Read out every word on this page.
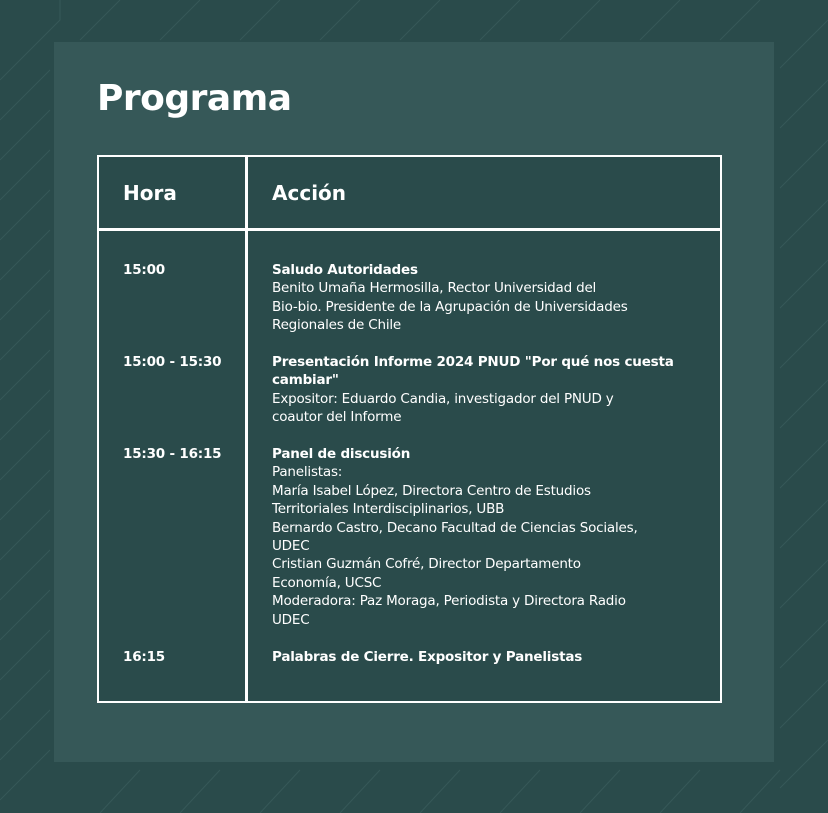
Programa
Hora	Acción
15:00	Saludo Autoridades
Benito Umaña Hermosilla, Rector Universidad del
Bio-bio. Presidente de la Agrupación de Universidades
Regionales de Chile
15:00 - 15:30	Presentación Informe 2024 PNUD "Por qué nos cuesta
cambiar"
Expositor: Eduardo Candia, investigador del PNUD y
coautor del Informe
15:30 - 16:15	Panel de discusión
Panelistas:
María Isabel López, Directora Centro de Estudios
Territoriales Interdisciplinarios, UBB
Bernardo Castro, Decano Facultad de Ciencias Sociales,
UDEC
Cristian Guzmán Cofré, Director Departamento
Economía, UCSC
Moderadora: Paz Moraga, Periodista y Directora Radio
UDEC
16:15	Palabras de Cierre. Expositor y Panelistas
